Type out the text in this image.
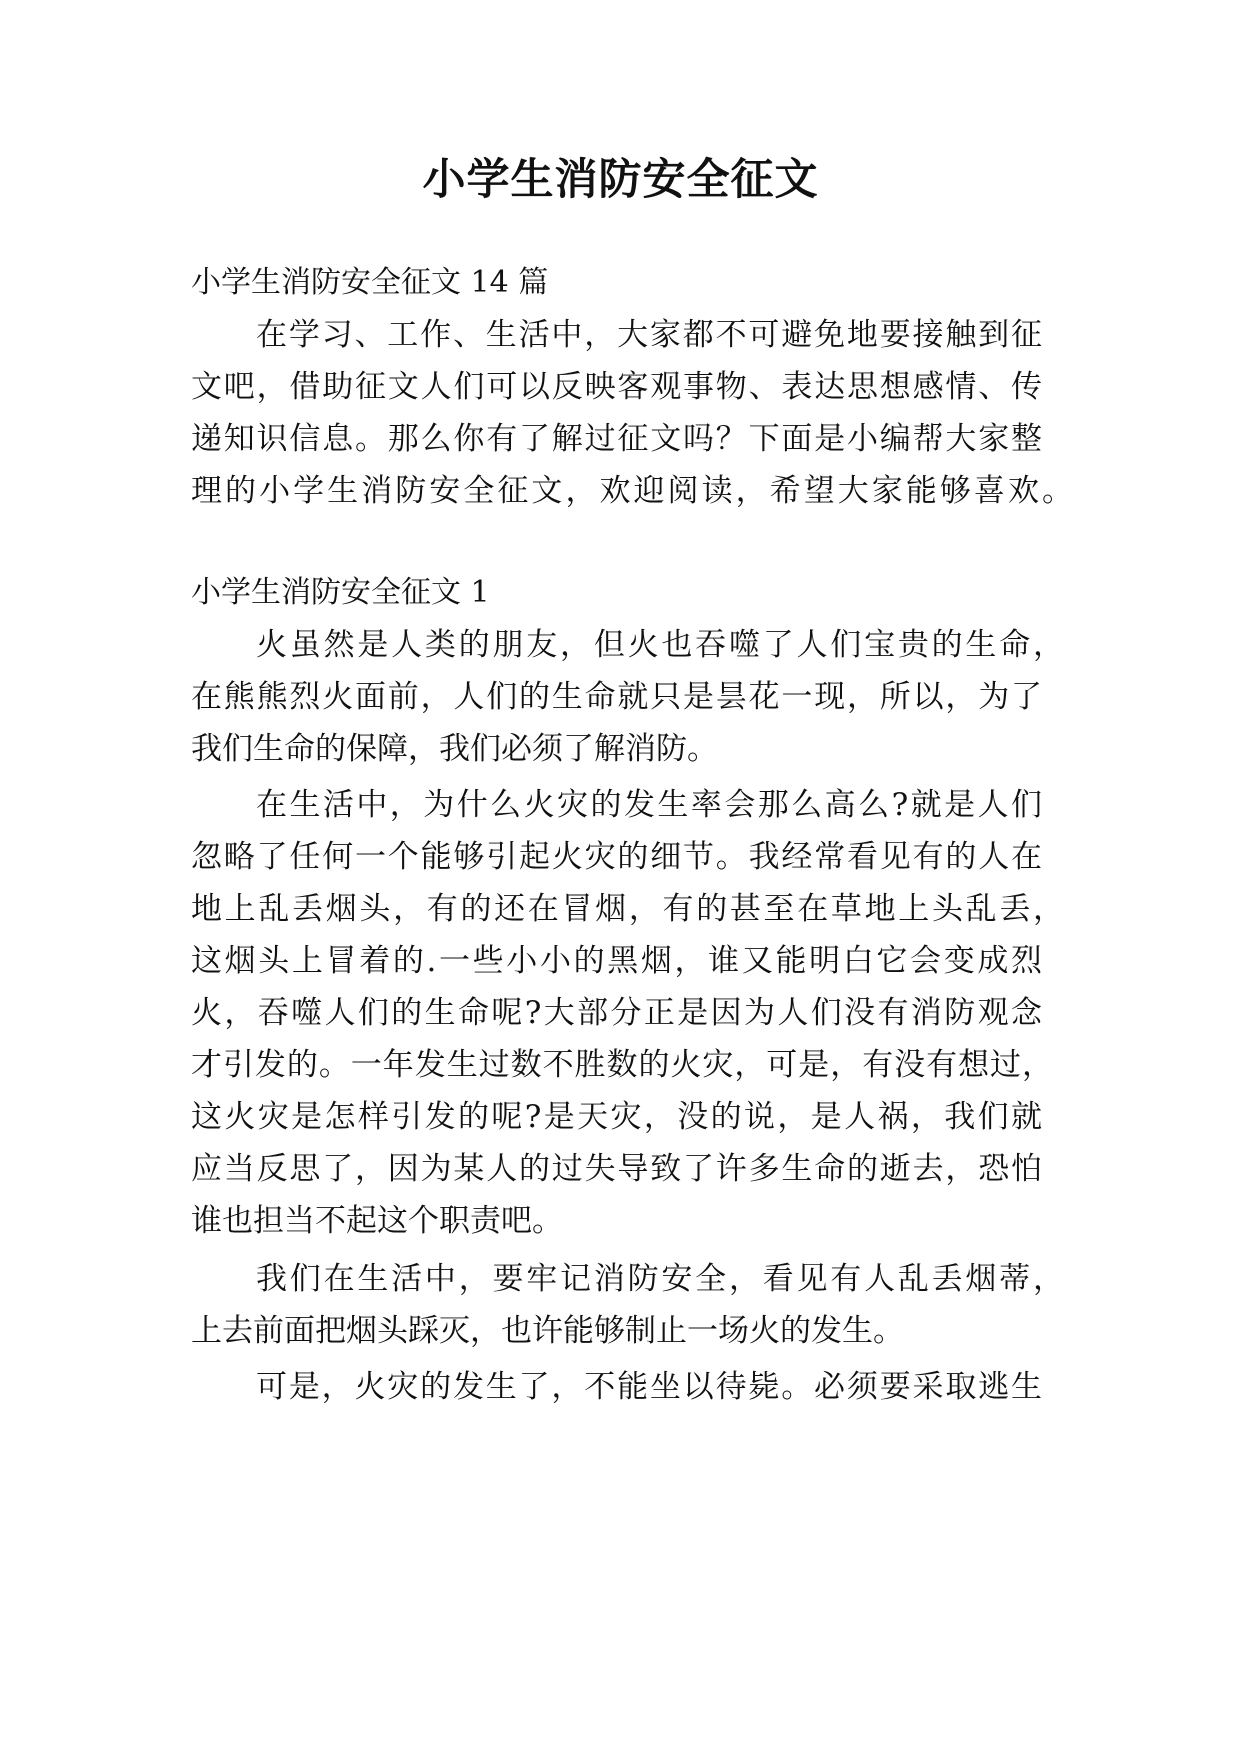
小学生消防安全征文
小学生消防安全征文 14 篇
在学习、工作、生活中，大家都不可避免地要接触到征
文吧，借助征文人们可以反映客观事物、表达思想感情、传
递知识信息。那么你有了解过征文吗？下面是小编帮大家整
理的小学生消防安全征文，欢迎阅读，希望大家能够喜欢。
小学生消防安全征文 1
火虽然是人类的朋友，但火也吞噬了人们宝贵的生命，
在熊熊烈火面前，人们的生命就只是昙花一现，所以，为了
我们生命的保障，我们必须了解消防。
在生活中，为什么火灾的发生率会那么高么?就是人们
忽略了任何一个能够引起火灾的细节。我经常看见有的人在
地上乱丢烟头，有的还在冒烟，有的甚至在草地上头乱丢，
这烟头上冒着的.一些小小的黑烟，谁又能明白它会变成烈
火，吞噬人们的生命呢?大部分正是因为人们没有消防观念
才引发的。一年发生过数不胜数的火灾，可是，有没有想过，
这火灾是怎样引发的呢?是天灾，没的说，是人祸，我们就
应当反思了，因为某人的过失导致了许多生命的逝去，恐怕
谁也担当不起这个职责吧。
我们在生活中，要牢记消防安全，看见有人乱丢烟蒂，
上去前面把烟头踩灭，也许能够制止一场火的发生。
可是，火灾的发生了，不能坐以待毙。必须要采取逃生
